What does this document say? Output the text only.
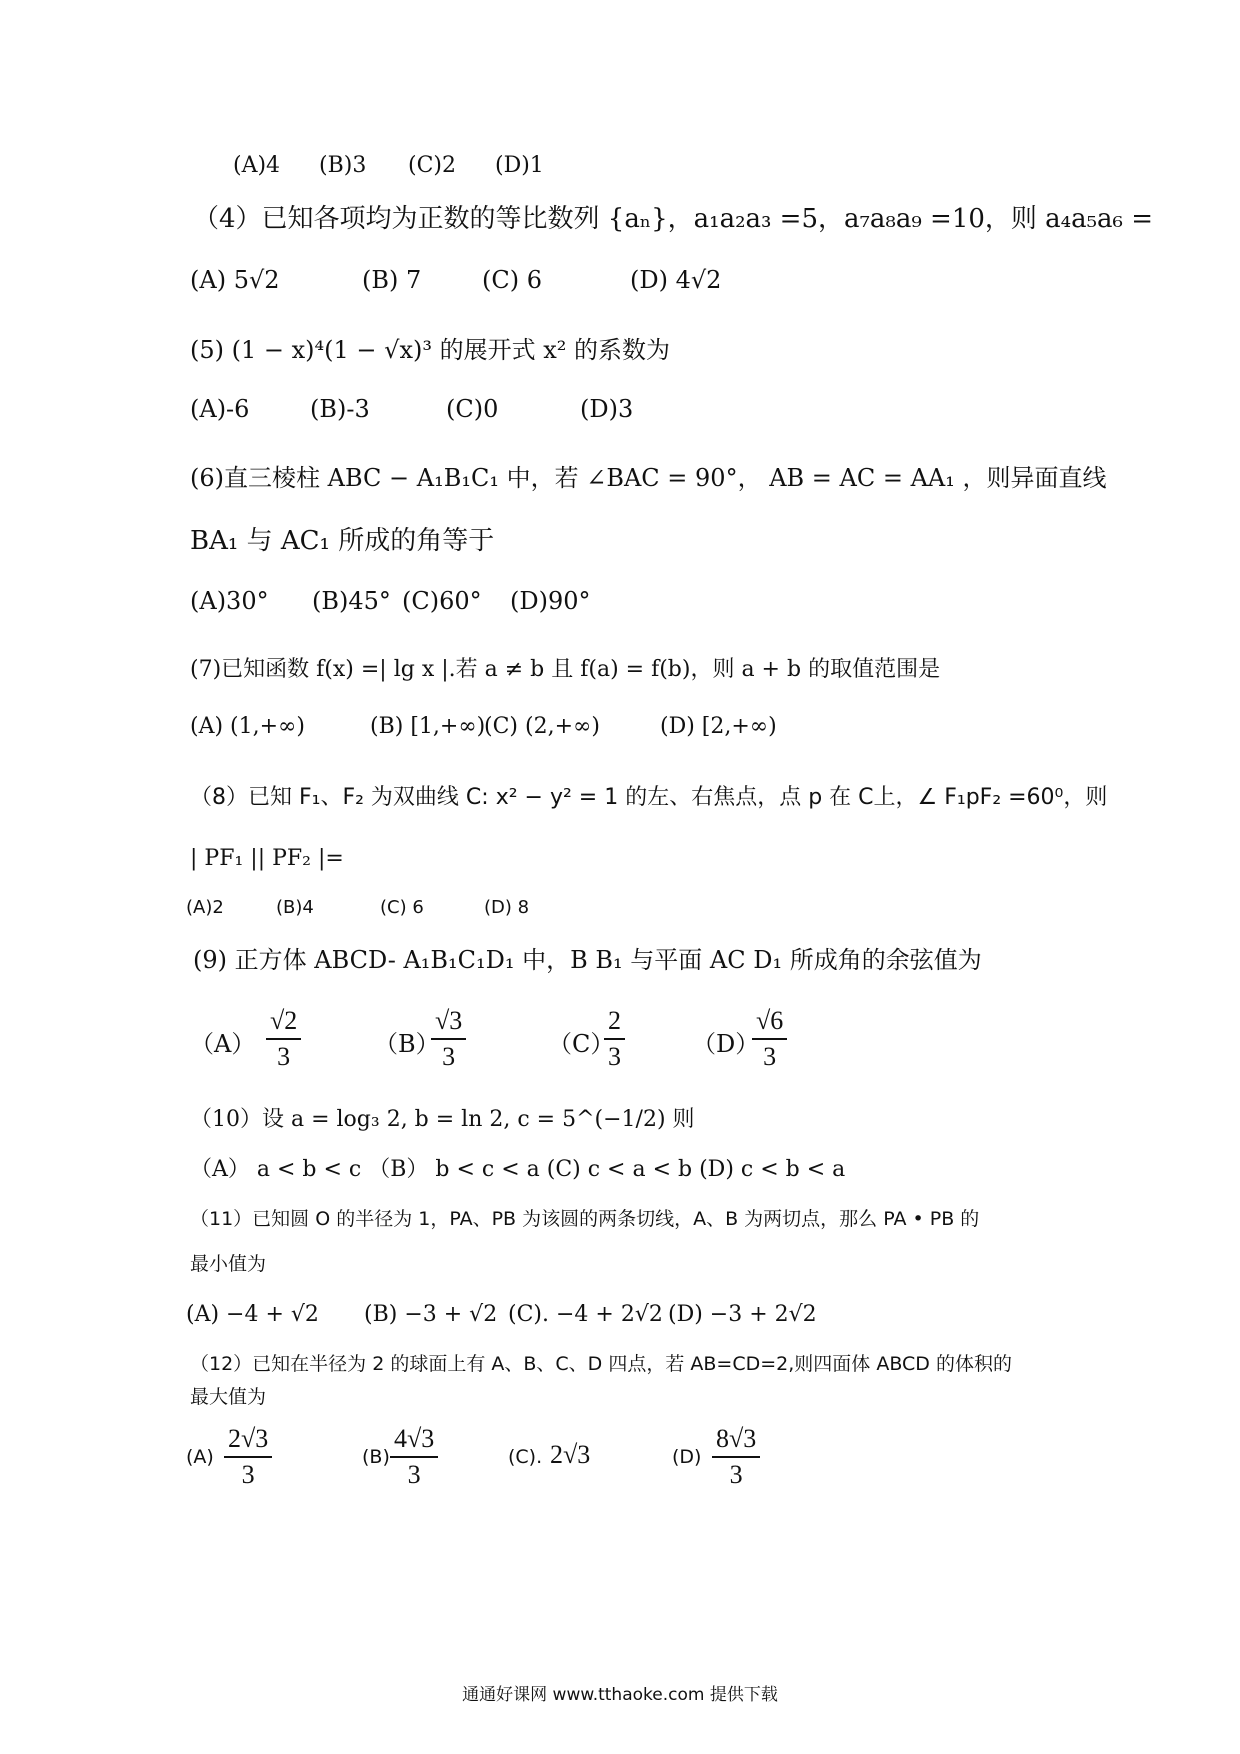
(A)4 (B)3 (C)2 (D)1
（4）已知各项均为正数的等比数列 {aₙ}，a₁a₂a₃ =5，a₇a₈a₉ =10，则 a₄a₅a₆ =
(A) 5√2	(B) 7	(C) 6	(D) 4√2
(5) (1 − x)⁴(1 − √x)³ 的展开式 x² 的系数为
(A)-6	(B)-3	(C)0	(D)3
(6)直三棱柱 ABC − A₁B₁C₁ 中，若 ∠BAC = 90°， AB = AC = AA₁ ，则异面直线
BA₁ 与 AC₁ 所成的角等于
(A)30° (B)45° (C)60° (D)90°
(7)已知函数 f(x) =| lg x |.若 a ≠ b 且 f(a) = f(b)，则 a + b 的取值范围是
(A) (1,+∞)	(B) [1,+∞)
(C) (2,+∞)	(D) [2,+∞)
（8）已知 F₁、F₂ 为双曲线 C: x² − y² = 1 的左、右焦点，点 p 在 C上，∠ F₁pF₂ =60⁰，则
| PF₁ || PF₂ |=
(A)2	(B)4	(C) 6	(D) 8
(9) 正方体 ABCD- A₁B₁C₁D₁ 中，B B₁ 与平面 AC D₁ 所成角的余弦值为
$(A) \frac{√2}{3}$	（B）
$\frac{√3}{3}$	（C）
$\frac{2}{3}$	（D）
$\frac{√6}{3}$
（10）设 a = log₃ 2, b = ln 2, c = 5^(−1/2) 则
（A） a < b < c （B） b < c < a (C) c < a < b (D) c < b < a
（11）已知圆 O 的半径为 1，PA、PB 为该圆的两条切线，A、B 为两切点，那么 PA • PB 的
最小值为
(A) −4 + √2 (B) −3 + √2 (C). −4 + 2√2 (D) −3 + 2√2
（12）已知在半径为 2 的球面上有 A、B、C、D 四点，若 AB=CD=2,则四面体 ABCD 的体积的
最大值为
$(A) \frac{2√3}{3}$	$(B) \frac{4√3}{3}$	(C). 2√3	$(D) \frac{8√3}{3}$
通通好课网 www.tthaoke.com 提供下载
